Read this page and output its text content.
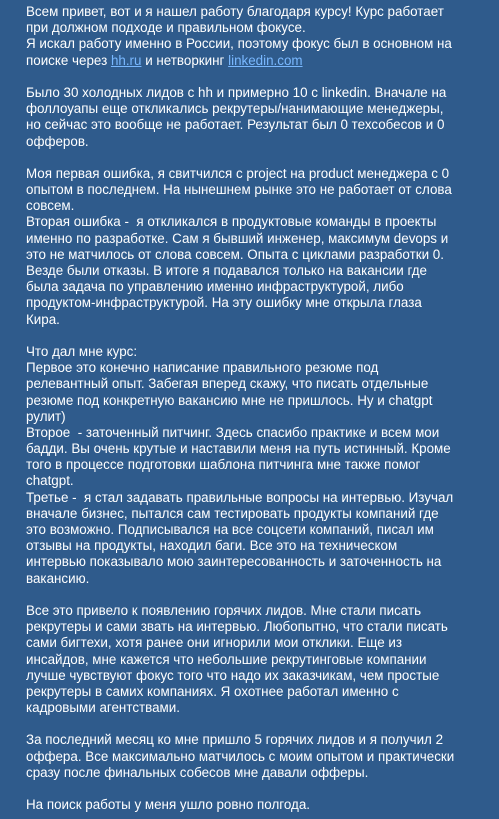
Всем привет, вот и я нашел работу благодаря курсу! Курс работает
при должном подходе и правильном фокусе.
Я искал работу именно в России, поэтому фокус был в основном на
поиске через hh.ru и нетворкинг linkedin.com
Было 30 холодных лидов с hh и примерно 10 с linkedin. Вначале на
фоллоуапы еще откликались рекрутеры/нанимающие менеджеры,
но сейчас это вообще не работает. Результат был 0 техсобесов и 0
офферов.
Моя первая ошибка, я свитчился с project на product менеджера с 0
опытом в последнем. На нынешнем рынке это не работает от слова
совсем.
Вторая ошибка -  я откликался в продуктовые команды в проекты
именно по разработке. Сам я бывший инженер, максимум devops и
это не матчилось от слова совсем. Опыта с циклами разработки 0.
Везде были отказы. В итоге я подавался только на вакансии где
была задача по управлению именно инфраструктурой, либо
продуктом-инфраструктурой. На эту ошибку мне открыла глаза
Кира.
Что дал мне курс:
Первое это конечно написание правильного резюме под
релевантный опыт. Забегая вперед скажу, что писать отдельные
резюме под конкретную вакансию мне не пришлось. Ну и chatgpt
рулит)
Второе  - заточенный питчинг. Здесь спасибо практике и всем мои
бадди. Вы очень крутые и наставили меня на путь истинный. Кроме
того в процессе подготовки шаблона питчинга мне также помог
chatgpt.
Третье -  я стал задавать правильные вопросы на интервью. Изучал
вначале бизнес, пытался сам тестировать продукты компаний где
это возможно. Подписывался на все соцсети компаний, писал им
отзывы на продукты, находил баги. Все это на техническом
интервью показывало мою заинтересованность и заточенность на
вакансию.
Все это привело к появлению горячих лидов. Мне стали писать
рекрутеры и сами звать на интервью. Любопытно, что стали писать
сами бигтехи, хотя ранее они игнорили мои отклики. Еще из
инсайдов, мне кажется что небольшие рекрутинговые компании
лучше чувствуют фокус того что надо их заказчикам, чем простые
рекрутеры в самих компаниях. Я охотнее работал именно с
кадровыми агентствами.
За последний месяц ко мне пришло 5 горячих лидов и я получил 2
оффера. Все максимально матчилось с моим опытом и практически
сразу после финальных собесов мне давали офферы.
На поиск работы у меня ушло ровно полгода.
